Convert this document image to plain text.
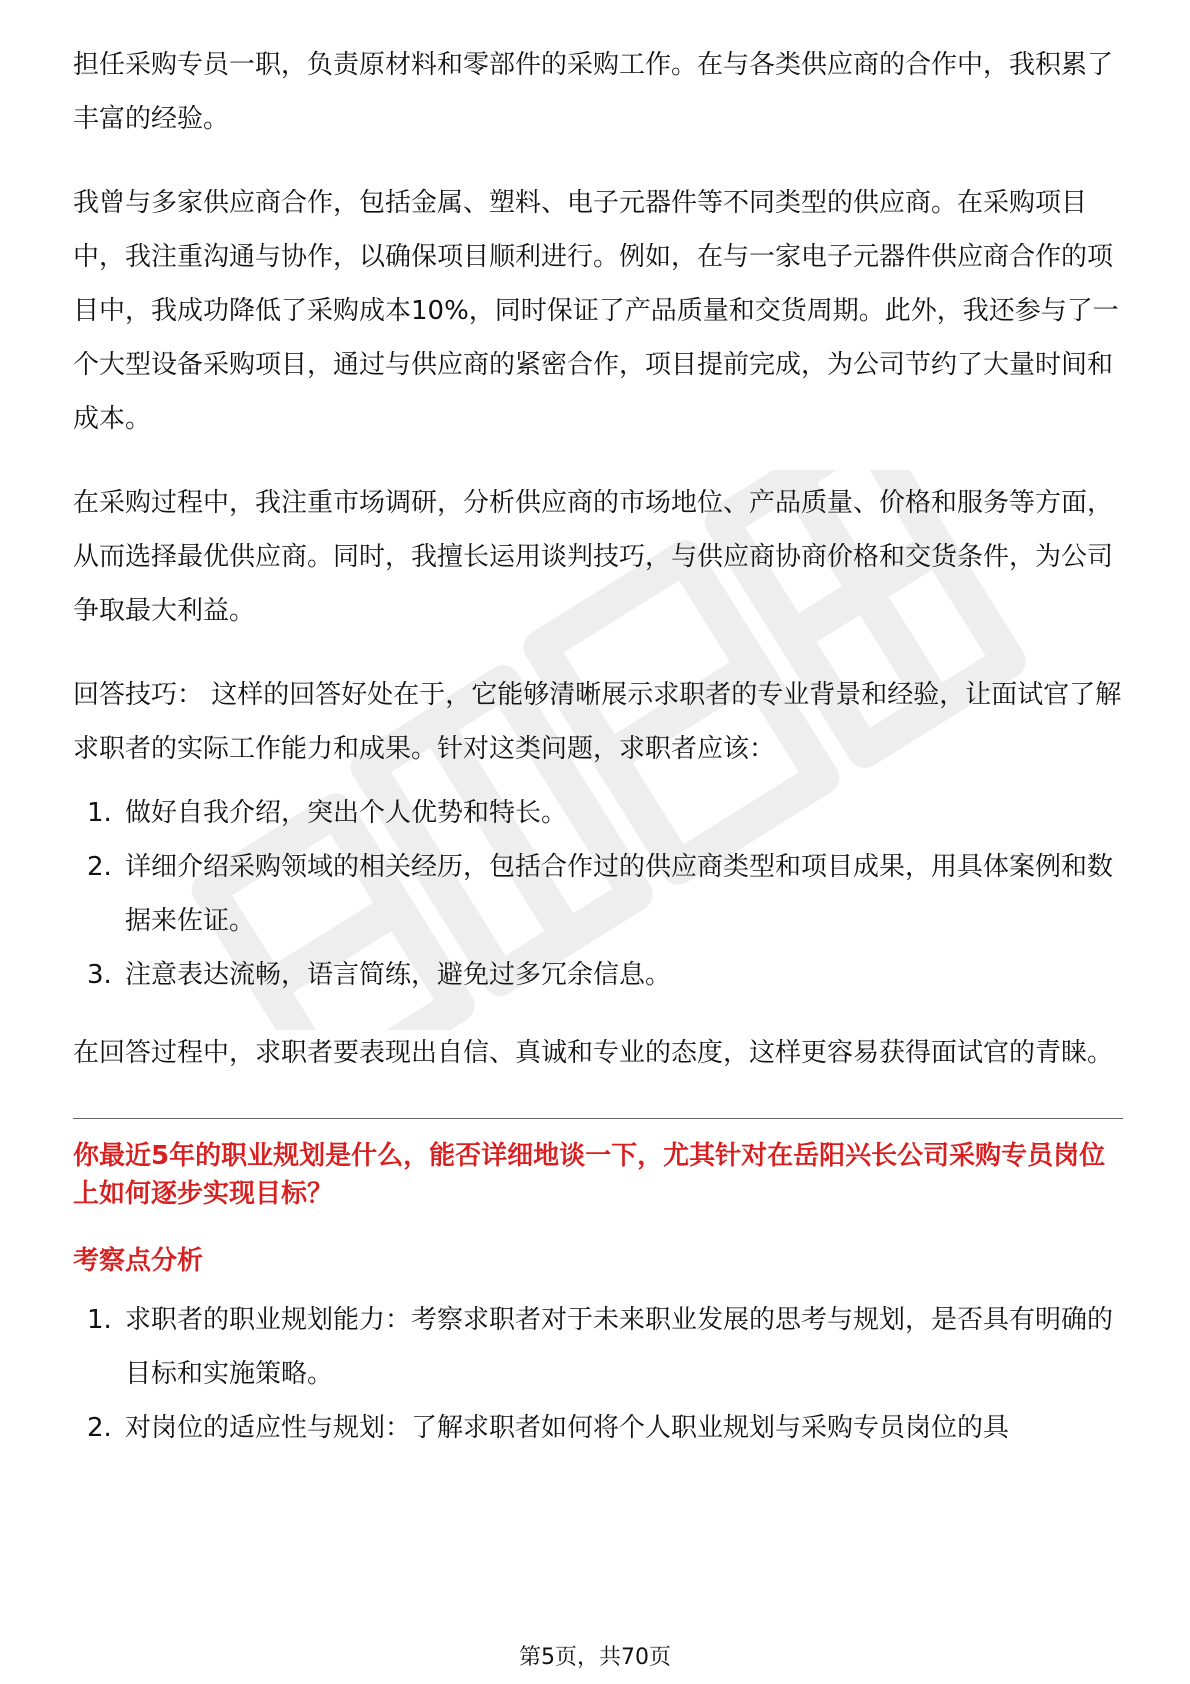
担任采购专员一职，负责原材料和零部件的采购工作。在与各类供应商的合作中，我积累了丰富的经验。

我曾与多家供应商合作，包括金属、塑料、电子元器件等不同类型的供应商。在采购项目中，我注重沟通与协作，以确保项目顺利进行。例如，在与一家电子元器件供应商合作的项目中，我成功降低了采购成本10%，同时保证了产品质量和交货周期。此外，我还参与了一个大型设备采购项目，通过与供应商的紧密合作，项目提前完成，为公司节约了大量时间和成本。

在采购过程中，我注重市场调研，分析供应商的市场地位、产品质量、价格和服务等方面，从而选择最优供应商。同时，我擅长运用谈判技巧，与供应商协商价格和交货条件，为公司争取最大利益。

回答技巧： 这样的回答好处在于，它能够清晰展示求职者的专业背景和经验，让面试官了解求职者的实际工作能力和成果。针对这类问题，求职者应该：

1. 做好自我介绍，突出个人优势和特长。
2. 详细介绍采购领域的相关经历，包括合作过的供应商类型和项目成果，用具体案例和数据来佐证。
3. 注意表达流畅，语言简练，避免过多冗余信息。

在回答过程中，求职者要表现出自信、真诚和专业的态度，这样更容易获得面试官的青睐。

你最近5年的职业规划是什么，能否详细地谈一下，尤其针对在岳阳兴长公司采购专员岗位上如何逐步实现目标？

考察点分析
1. 求职者的职业规划能力：考察求职者对于未来职业发展的思考与规划，是否具有明确的目标和实施策略。
2. 对岗位的适应性与规划：了解求职者如何将个人职业规划与采购专员岗位的具
第5页，共70页
